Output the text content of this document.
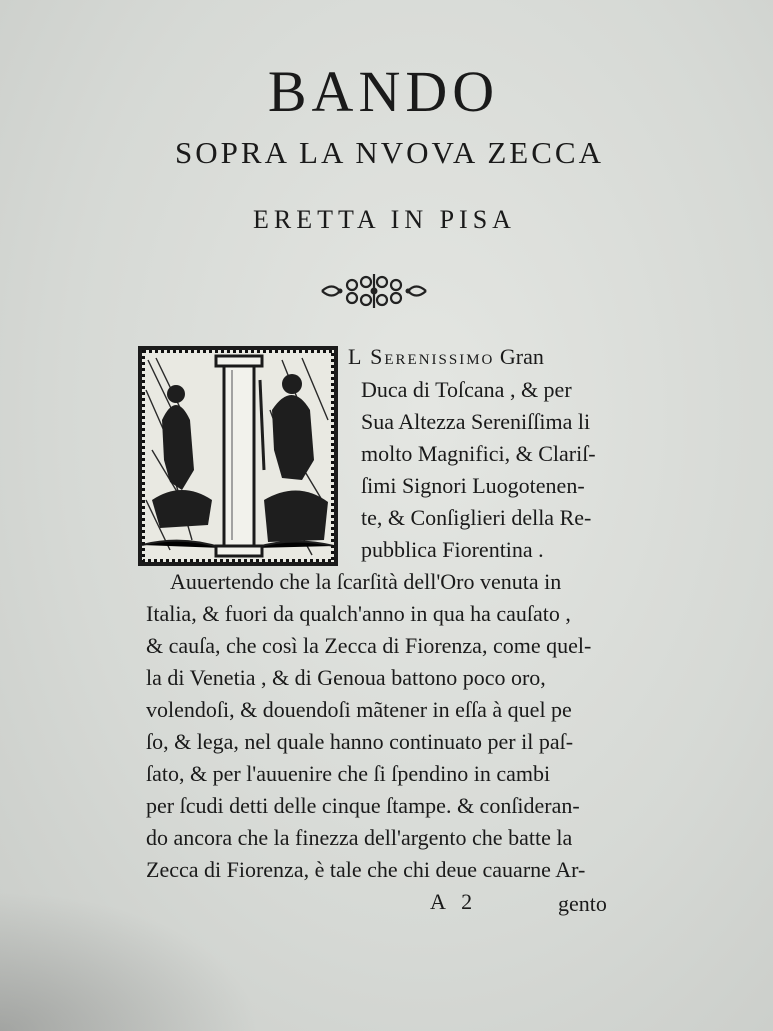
BANDO
SOPRA LA NVOVA ZECCA
ERETTA IN PISA
L Serenissimo Gran
Duca di Toſcana , & per
Sua Altezza Sereniſſima li
molto Magnifici, & Clariſ-
ſimi Signori Luogotenen-
te, & Conſiglieri della Re-
pubblica Fiorentina .
Auuertendo che la ſcarſità dell'Oro venuta in
Italia, & fuori da qualch'anno in qua ha cauſato ,
& cauſa, che così la Zecca di Fiorenza, come quel-
la di Venetia , & di Genoua battono poco oro,
volendoſi, & douendoſi mãtener in eſſa à quel pe
ſo, & lega, nel quale hanno continuato per il paſ-
ſato, & per l'auuenire che ſi ſpendino in cambi
per ſcudi detti delle cinque ſtampe. & conſideran-
do ancora che la finezza dell'argento che batte la
Zecca di Fiorenza, è tale che chi deue cauarne Ar-
A   2	gento
